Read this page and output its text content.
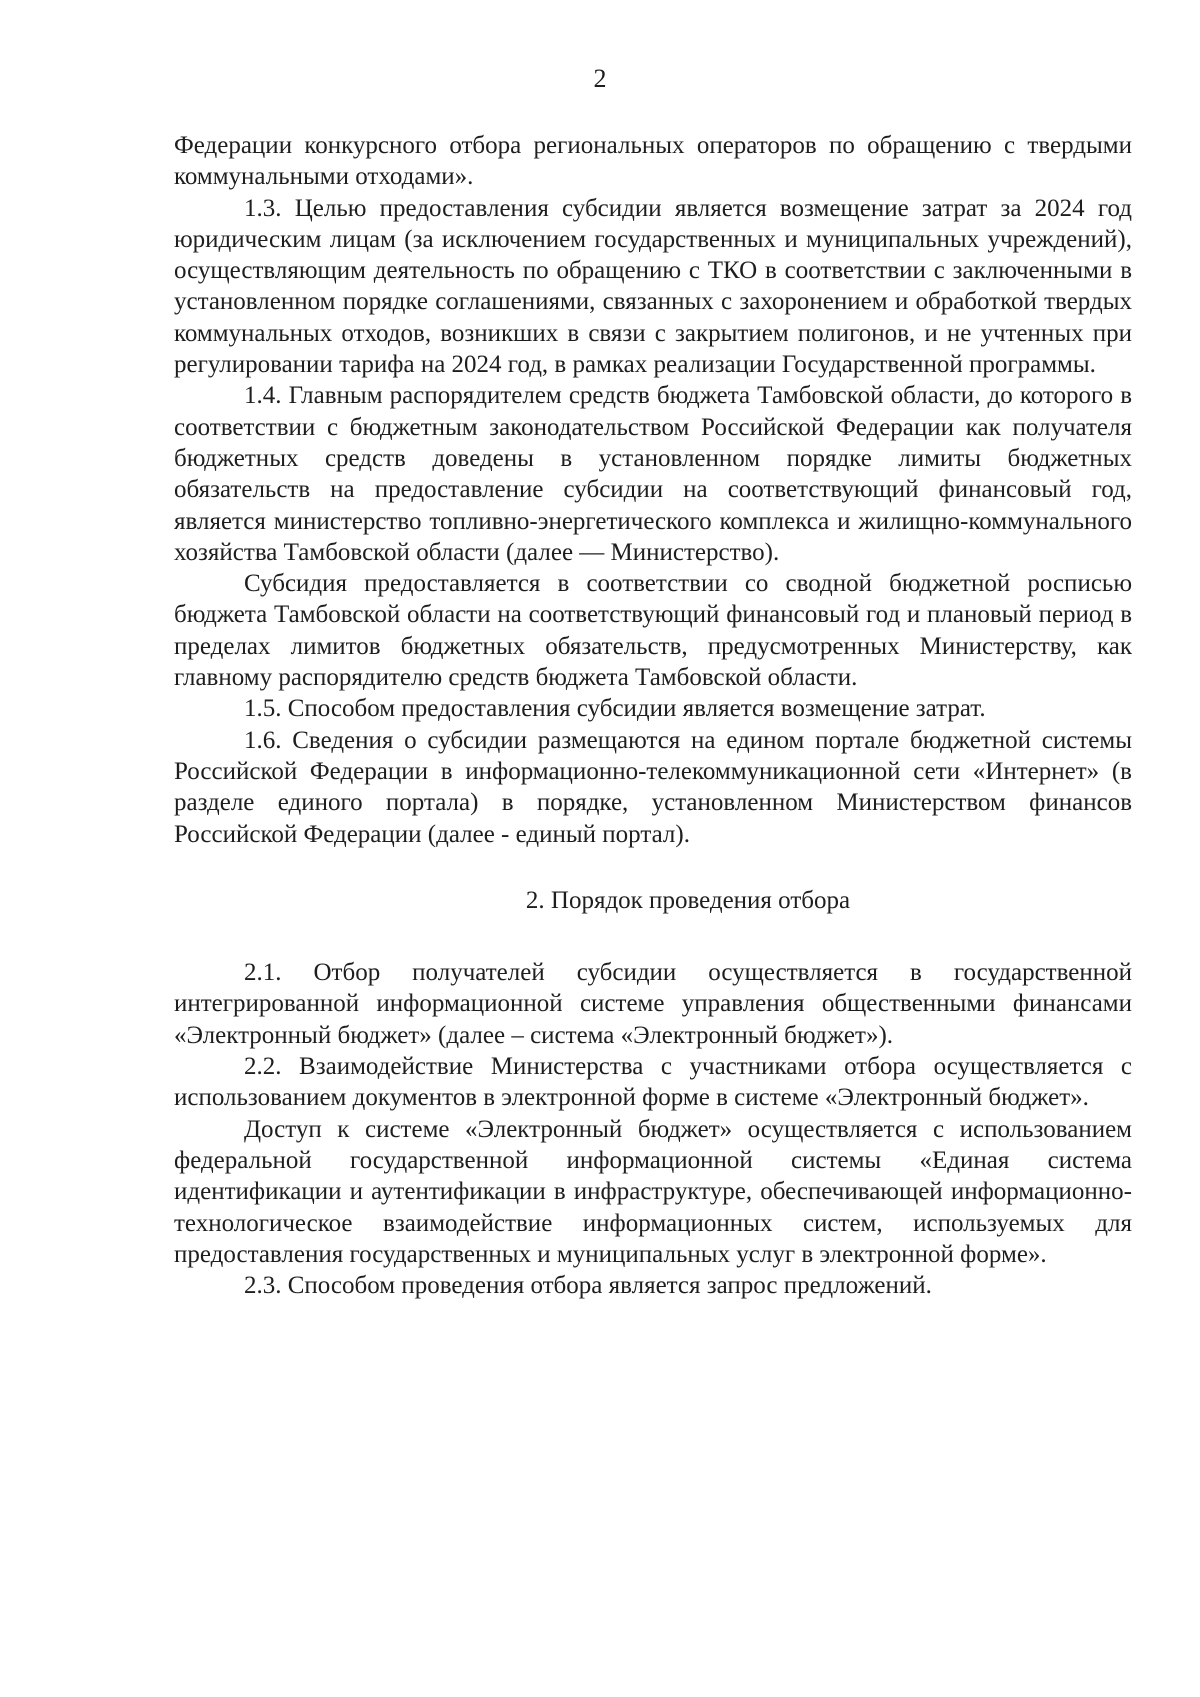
2

Федерации конкурсного отбора региональных операторов по обращению с твердыми коммунальными отходами».

1.3. Целью предоставления субсидии является возмещение затрат за 2024 год юридическим лицам (за исключением государственных и муниципальных учреждений), осуществляющим деятельность по обращению с ТКО в соответствии с заключенными в установленном порядке соглашениями, связанных с захоронением и обработкой твердых коммунальных отходов, возникших в связи с закрытием полигонов, и не учтенных при регулировании тарифа на 2024 год, в рамках реализации Государственной программы.

1.4. Главным распорядителем средств бюджета Тамбовской области, до которого в соответствии с бюджетным законодательством Российской Федерации как получателя бюджетных средств доведены в установленном порядке лимиты бюджетных обязательств на предоставление субсидии на соответствующий финансовый год, является министерство топливно-энергетического комплекса и жилищно-коммунального хозяйства Тамбовской области (далее — Министерство).

Субсидия предоставляется в соответствии со сводной бюджетной росписью бюджета Тамбовской области на соответствующий финансовый год и плановый период в пределах лимитов бюджетных обязательств, предусмотренных Министерству, как главному распорядителю средств бюджета Тамбовской области.

1.5. Способом предоставления субсидии является возмещение затрат.

1.6. Сведения о субсидии размещаются на едином портале бюджетной системы Российской Федерации в информационно-телекоммуникационной сети «Интернет» (в разделе единого портала) в порядке, установленном Министерством финансов Российской Федерации (далее - единый портал).

2. Порядок проведения отбора

2.1. Отбор получателей субсидии осуществляется в государственной интегрированной информационной системе управления общественными финансами «Электронный бюджет» (далее – система «Электронный бюджет»).

2.2. Взаимодействие Министерства с участниками отбора осуществляется с использованием документов в электронной форме в системе «Электронный бюджет».

Доступ к системе «Электронный бюджет» осуществляется с использованием федеральной государственной информационной системы «Единая система идентификации и аутентификации в инфраструктуре, обеспечивающей информационно-технологическое взаимодействие информационных систем, используемых для предоставления государственных и муниципальных услуг в электронной форме».

2.3. Способом проведения отбора является запрос предложений.
